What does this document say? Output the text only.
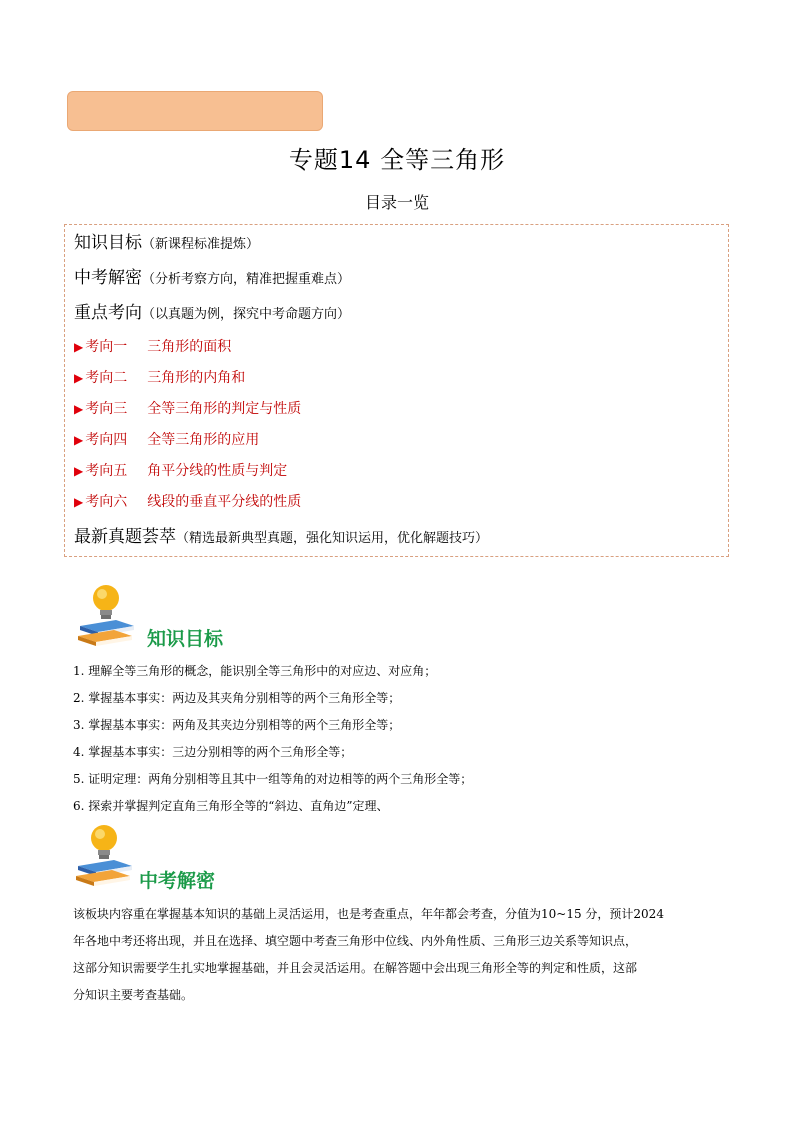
专题14 全等三角形
目录一览
知识目标（新课程标准提炼）
中考解密（分析考察方向，精准把握重难点）
重点考向（以真题为例，探究中考命题方向）
▶ 考向一 三角形的面积
▶ 考向二 三角形的内角和
▶ 考向三 全等三角形的判定与性质
▶ 考向四 全等三角形的应用
▶ 考向五 角平分线的性质与判定
▶ 考向六 线段的垂直平分线的性质
最新真题荟萃（精选最新典型真题，强化知识运用，优化解题技巧）
知识目标
1. 理解全等三角形的概念，能识别全等三角形中的对应边、对应角；
2. 掌握基本事实：两边及其夹角分别相等的两个三角形全等；
3. 掌握基本事实：两角及其夹边分别相等的两个三角形全等；
4. 掌握基本事实：三边分别相等的两个三角形全等；
5. 证明定理：两角分别相等且其中一组等角的对边相等的两个三角形全等；
6. 探索并掌握判定直角三角形全等的“斜边、直角边”定理、
中考解密
该板块内容重在掌握基本知识的基础上灵活运用，也是考查重点，年年都会考查，分值为10~15 分，预计2024
年各地中考还将出现，并且在选择、填空题中考查三角形中位线、内外角性质、三角形三边关系等知识点，
这部分知识需要学生扎实地掌握基础，并且会灵活运用。在解答题中会出现三角形全等的判定和性质，这部
分知识主要考查基础。
